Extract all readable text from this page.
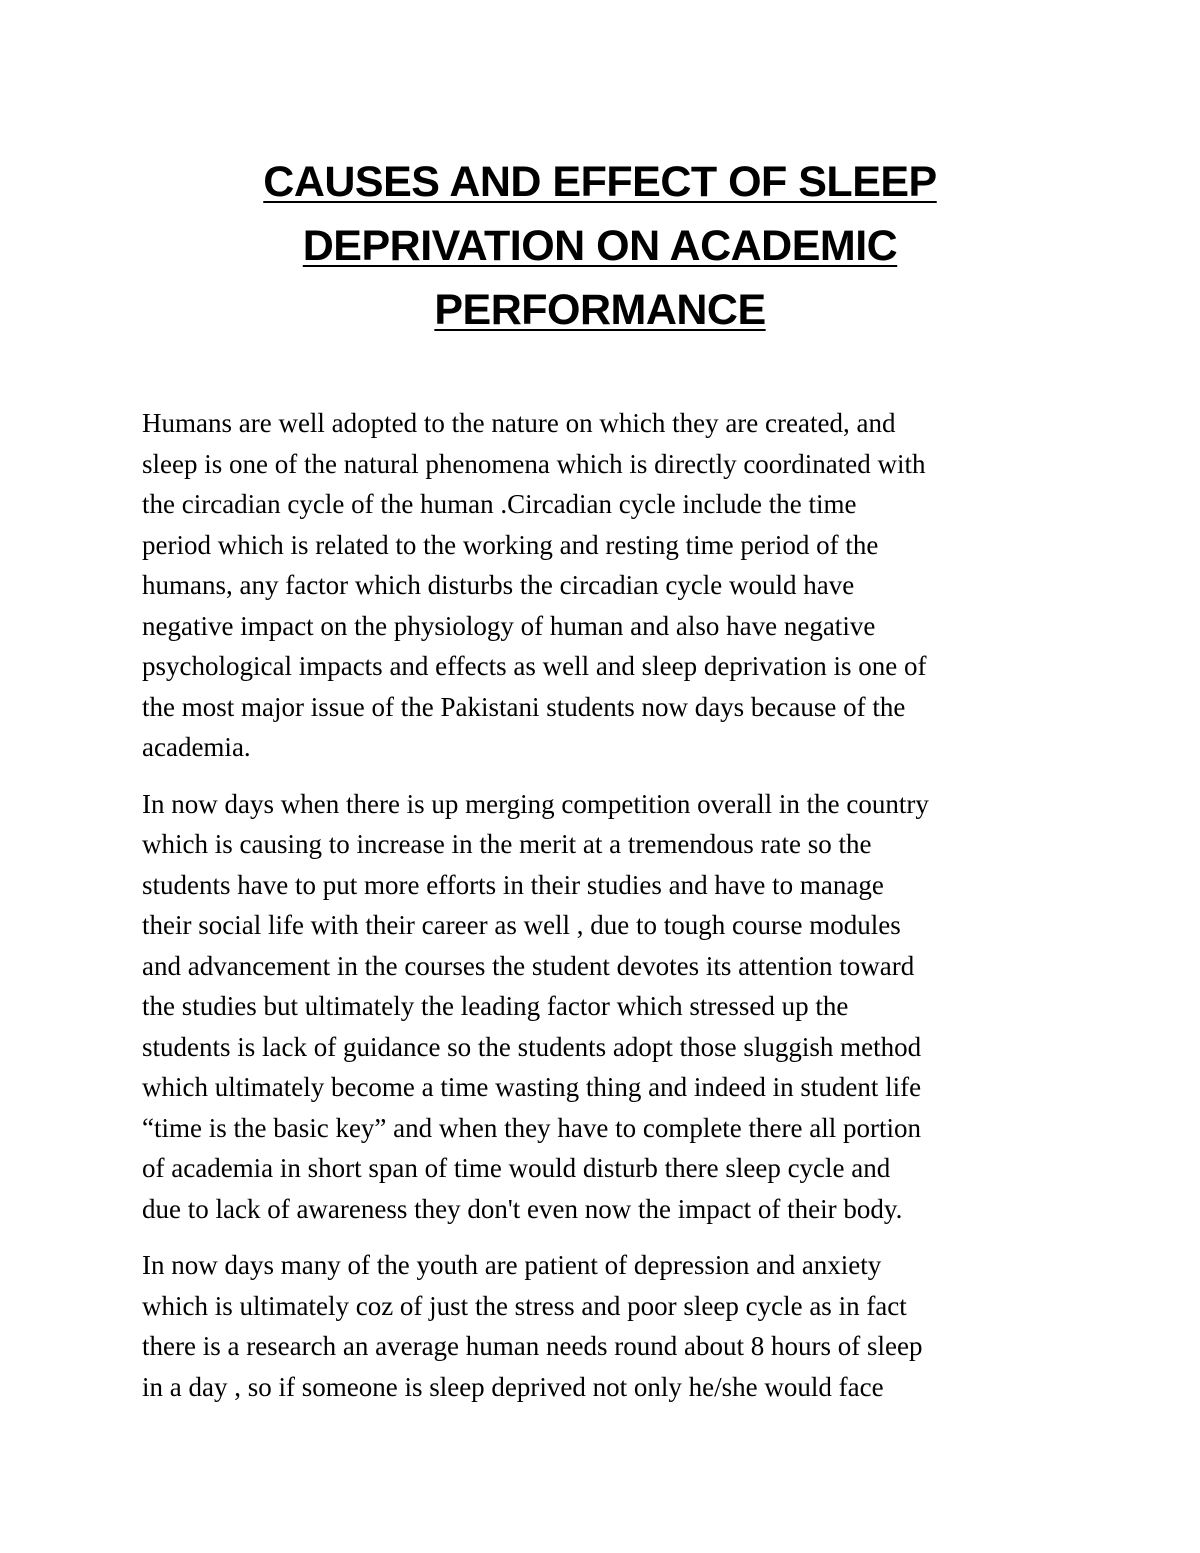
CAUSES AND EFFECT OF SLEEP
DEPRIVATION ON ACADEMIC
PERFORMANCE

Humans are well adopted to the nature on which they are created, and
sleep is one of the natural phenomena which is directly coordinated with
the circadian cycle of the human .Circadian cycle include the time
period which is related to the working and resting time period of the
humans, any factor which disturbs the circadian cycle would have
negative impact on the physiology of human and also have negative
psychological impacts and effects as well and sleep deprivation is one of
the most major issue of the Pakistani students now days because of the
academia.

In now days when there is up merging competition overall in the country
which is causing to increase in the merit at a tremendous rate so the
students have to put more efforts in their studies and have to manage
their social life with their career as well , due to tough course modules
and advancement in the courses the student devotes its attention toward
the studies but ultimately the leading factor which stressed up the
students is lack of guidance so the students adopt those sluggish method
which ultimately become a time wasting thing and indeed in student life
“time is the basic key” and when they have to complete there all portion
of academia in short span of time would disturb there sleep cycle and
due to lack of awareness they don't even now the impact of their body.

In now days many of the youth are patient of depression and anxiety
which is ultimately coz of just the stress and poor sleep cycle as in fact
there is a research an average human needs round about 8 hours of sleep
in a day , so if someone is sleep deprived not only he/she would face
